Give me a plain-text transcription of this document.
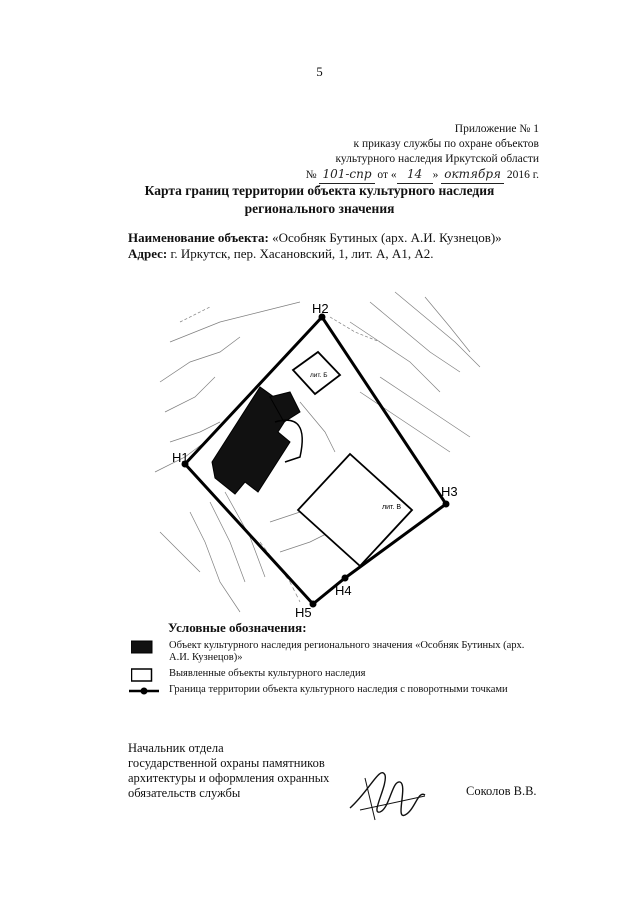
5
Приложение № 1
к приказу службы по охране объектов
культурного наследия Иркутской области
№ 101-спр от « 14 » октября 2016 г.
Карта границ территории объекта культурного наследия
регионального значения
Наименование объекта: «Особняк Бутиных (арх. А.И. Кузнецов)»
Адрес: г. Иркутск, пер. Хасановский, 1, лит. А, А1, А2.
лит. Б
лит. В
Н1
Н2
Н3
Н4
Н5
Условные обозначения:
Объект культурного наследия регионального значения «Особняк Бутиных (арх. А.И. Кузнецов)»
Выявленные объекты культурного наследия
Граница территории объекта культурного наследия с поворотными точками
Начальник отдела
государственной охраны памятников
архитектуры и оформления охранных
обязательств службы	Соколов В.В.
